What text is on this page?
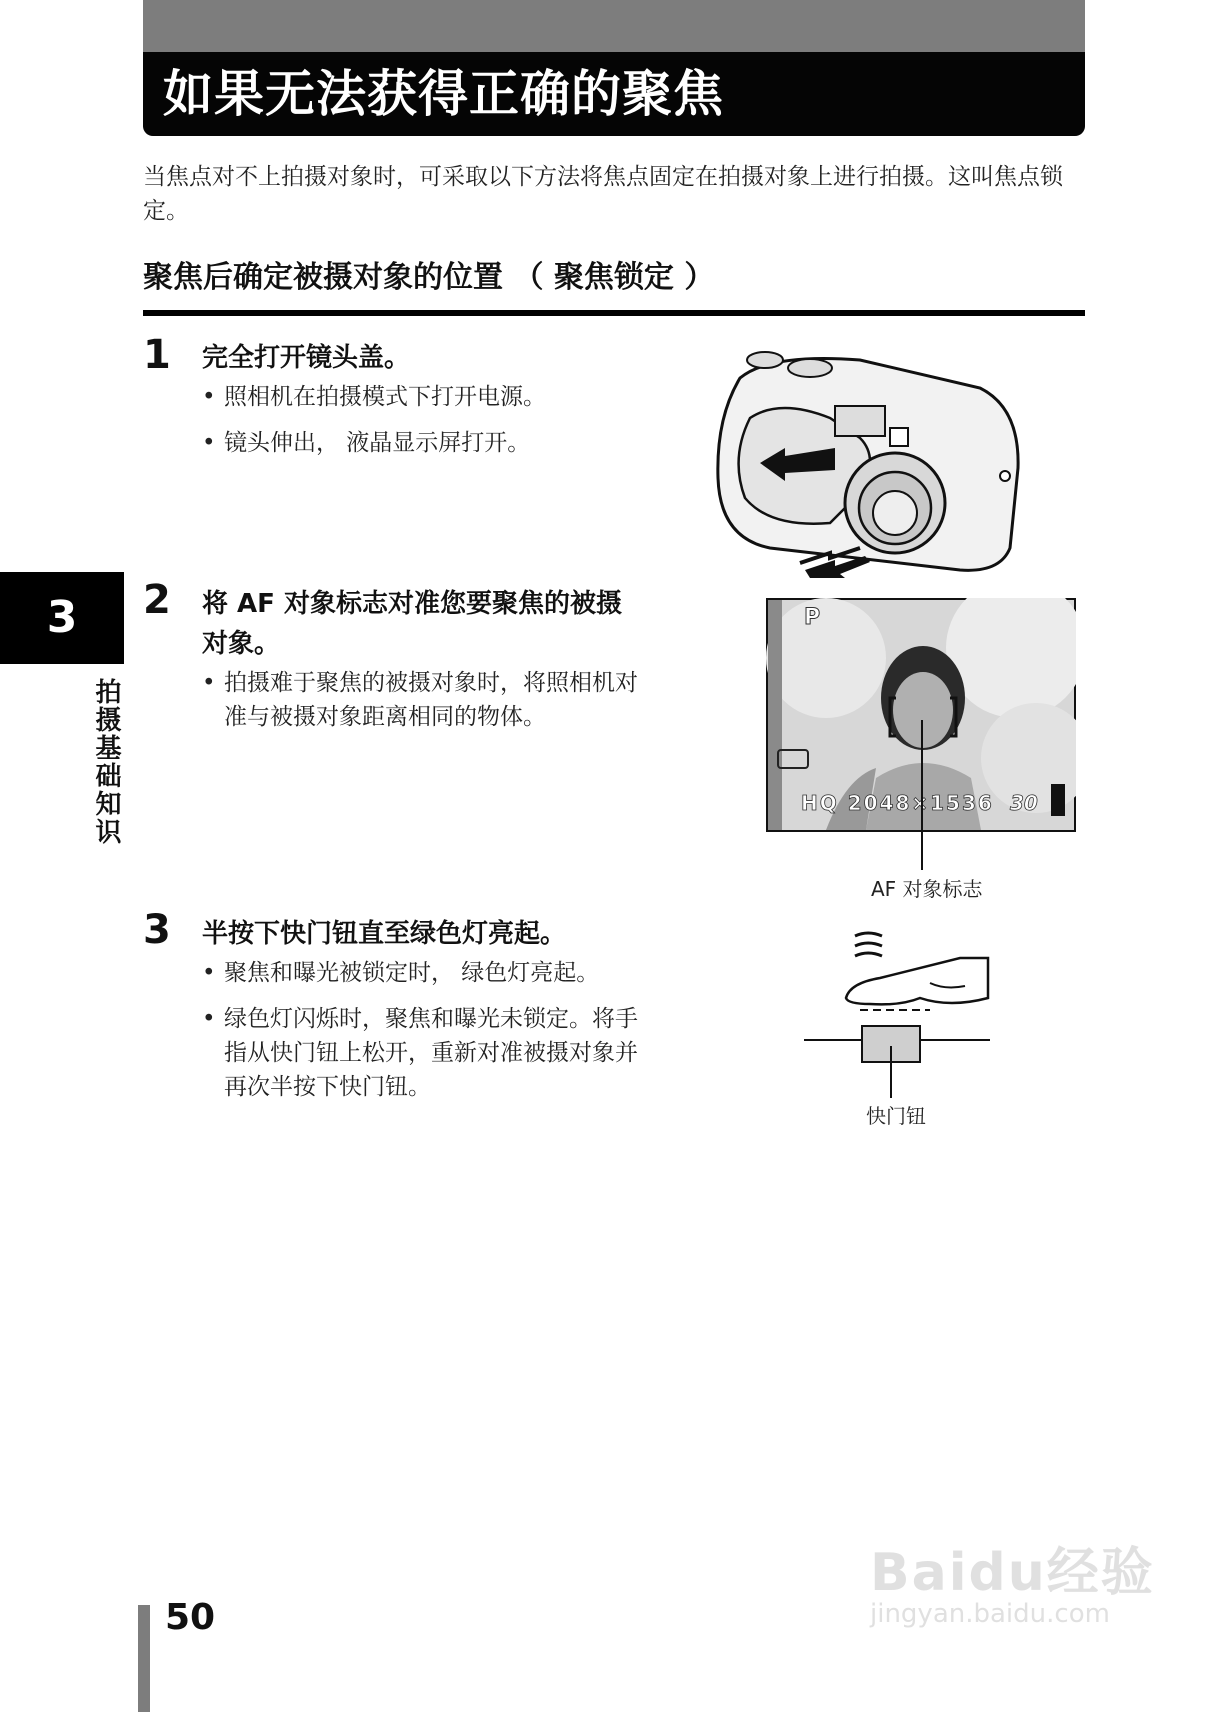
如果无法获得正确的聚焦
当焦点对不上拍摄对象时，可采取以下方法将焦点固定在拍摄对象上进行拍摄。这叫焦点锁定。
聚焦后确定被摄对象的位置 （ 聚焦锁定 ）
1 完全打开镜头盖。
• 照相机在拍摄模式下打开电源。
• 镜头伸出， 液晶显示屏打开。
2 将 AF 对象标志对准您要聚焦的被摄
对象。
• 拍摄难于聚焦的被摄对象时，将照相机对
准与被摄对象距离相同的物体。
P
HQ 2048×1536 30
AF 对象标志
3 半按下快门钮直至绿色灯亮起。
• 聚焦和曝光被锁定时， 绿色灯亮起。
• 绿色灯闪烁时，聚焦和曝光未锁定。将手
指从快门钮上松开，重新对准被摄对象并
再次半按下快门钮。
快门钮
3
拍摄基础知识
50
Baidu经验
jingyan.baidu.com
